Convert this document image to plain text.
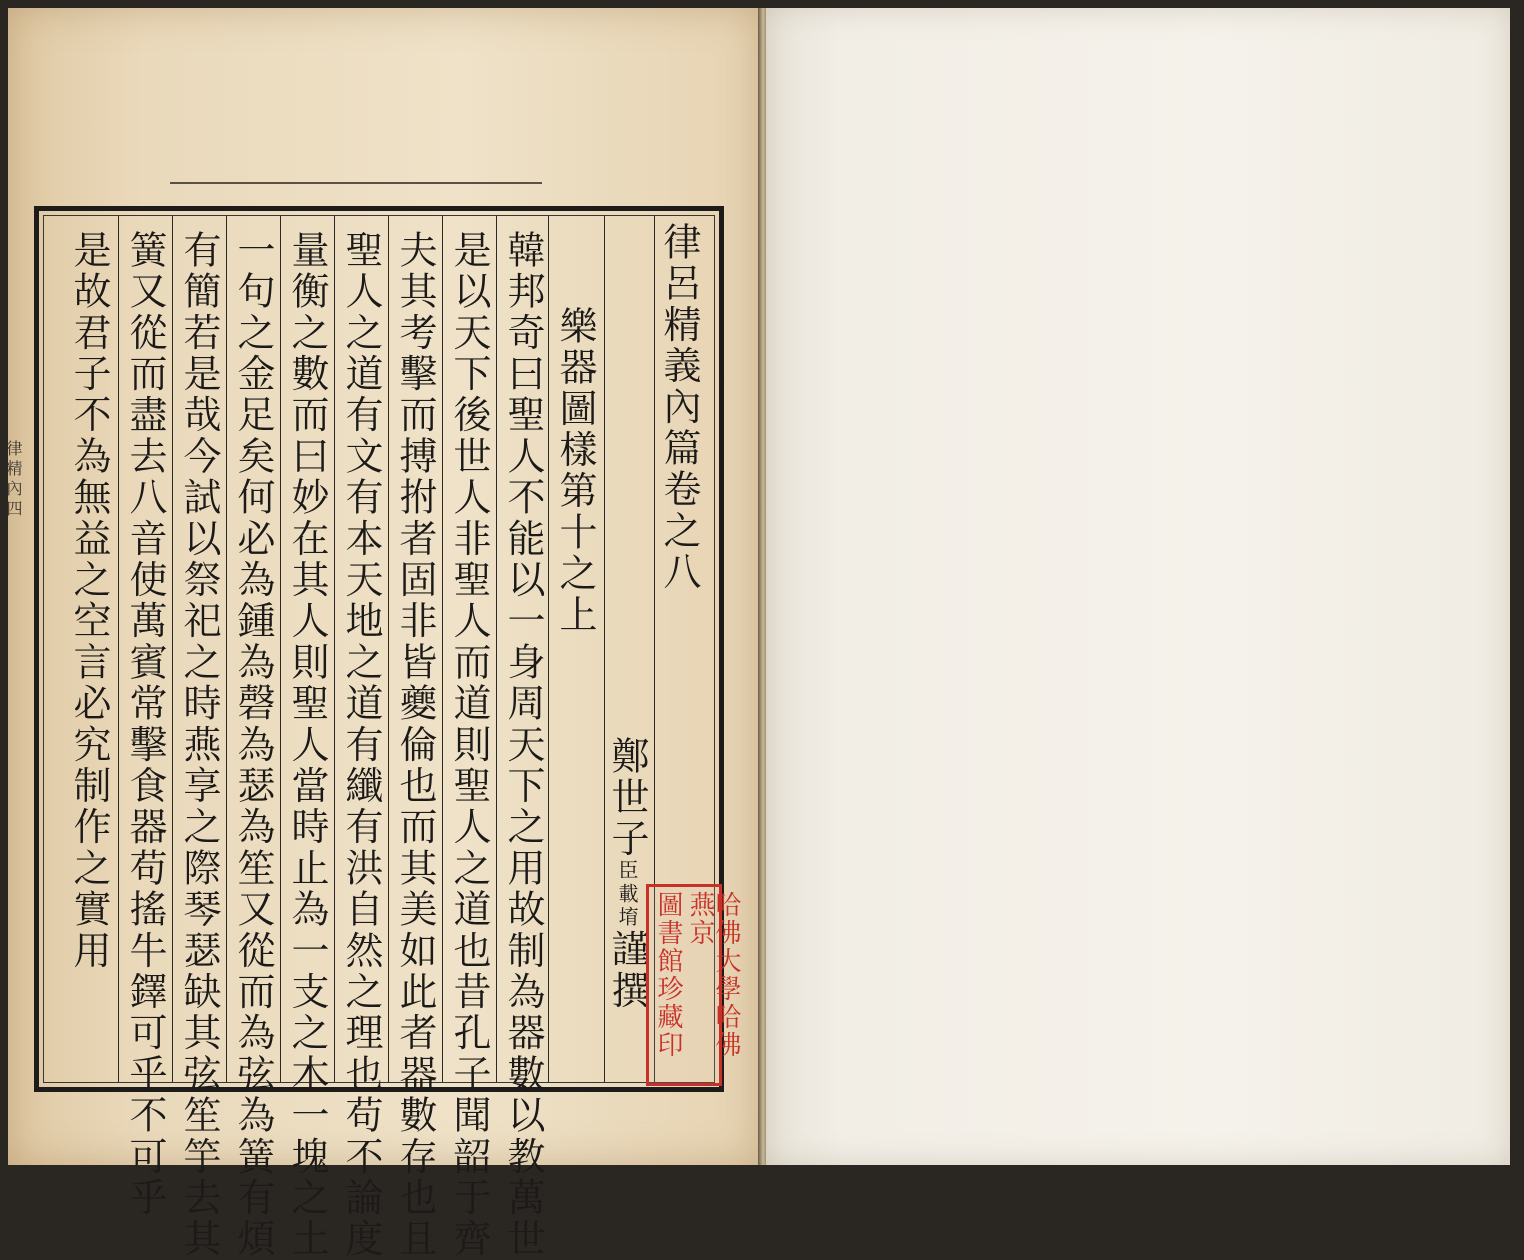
律精內四	律呂精義內篇卷之八
鄭世子臣載堉謹撰
樂器圖樣第十之上
韓邦奇曰聖人不能以一身周天下之用故制為器數以教萬世
是以天下後世人非聖人而道則聖人之道也昔孔子聞韶于齊
夫其考擊而搏拊者固非皆夔倫也而其美如此者器數存也且
聖人之道有文有本天地之道有纖有洪自然之理也苟不論度
量衡之數而曰妙在其人則聖人當時止為一支之木一塊之土
一句之金足矣何必為鍾為磬為瑟為笙又從而為弦為簧有煩
有簡若是哉今試以祭祀之時燕享之際琴瑟缺其弦笙竽去其
簧又從而盡去八音使萬賓常擊食器苟搖牛鐸可乎不可乎
是故君子不為無益之空言必究制作之實用
哈佛大學哈佛燕京
圖書館珍藏印
